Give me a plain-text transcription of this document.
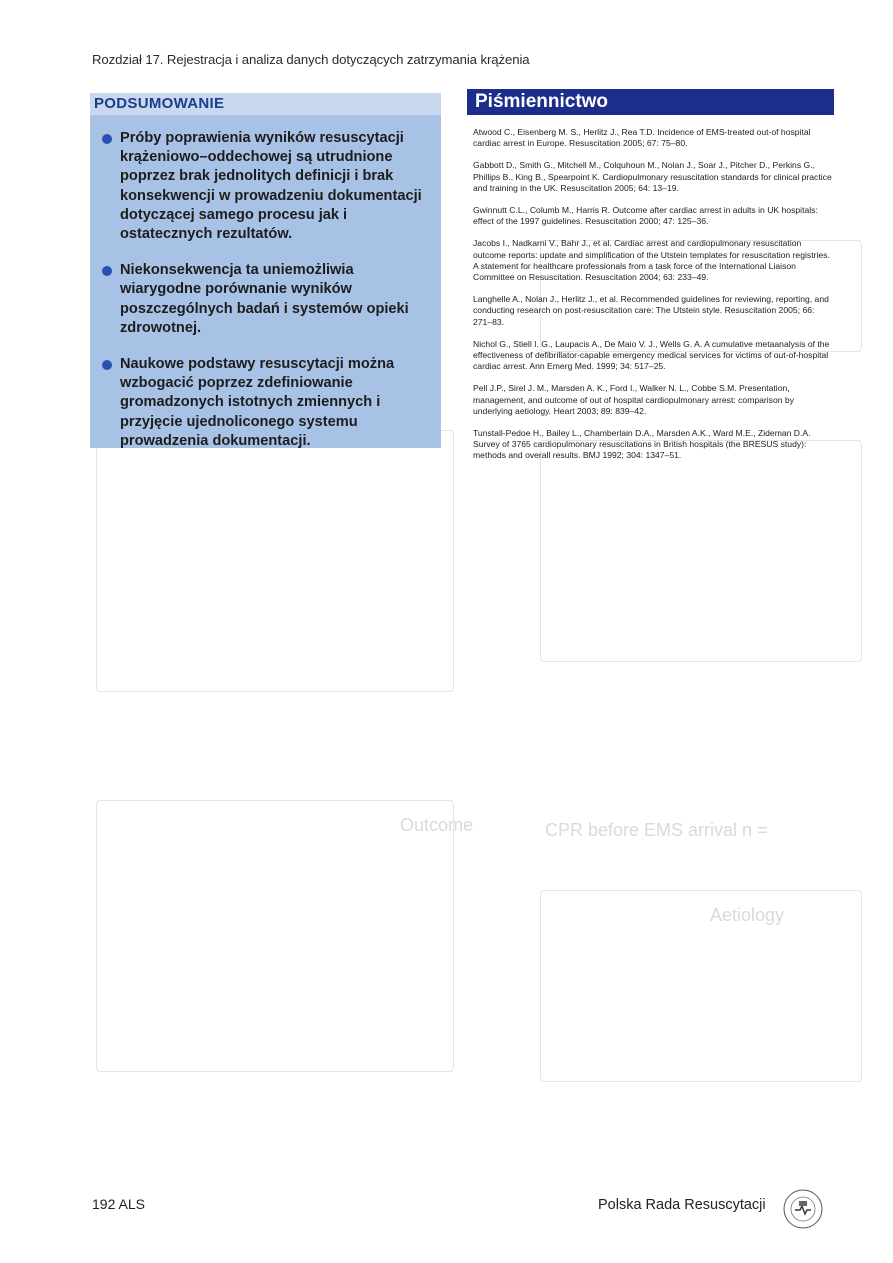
CPR before EMS arrival n =
Aetiology
Outcome
Rozdział 17. Rejestracja i analiza danych dotyczących zatrzymania krążenia
PODSUMOWANIE
Próby poprawienia wyników resuscytacji krążeniowo–oddechowej są utrudnione poprzez brak jednolitych definicji i brak konsekwencji w prowadzeniu dokumentacji dotyczącej samego procesu jak i ostatecznych rezultatów.
Niekonsekwencja ta uniemożliwia wiarygodne porównanie wyników poszczególnych badań i systemów opieki zdrowotnej.
Naukowe podstawy resuscytacji można wzbogacić poprzez zdefiniowanie gromadzonych istotnych zmiennych i przyjęcie ujednoliconego systemu prowadzenia dokumentacji.
Piśmiennictwo
Atwood C., Eisenberg M. S., Herlitz J., Rea T.D. Incidence of EMS-treated out-of hospital cardiac arrest in Europe. Resuscitation 2005; 67: 75–80.
Gabbott D., Smith G., Mitchell M., Colquhoun M., Nolan J., Soar J., Pitcher D., Perkins G., Phillips B., King B., Spearpoint K. Cardiopulmonary resuscitation standards for clinical practice and training in the UK. Resuscitation 2005; 64: 13–19.
Gwinnutt C.L., Columb M., Harris R. Outcome after cardiac arrest in adults in UK hospitals: effect of the 1997 guidelines. Resuscitation 2000; 47: 125–36.
Jacobs I., Nadkarni V., Bahr J., et al. Cardiac arrest and cardiopulmonary resuscitation outcome reports: update and simplification of the Utstein templates for resuscitation registries. A statement for healthcare professionals from a task force of the International Liaison Committee on Resuscitation. Resuscitation 2004; 63: 233–49.
Langhelle A., Nolan J., Herlitz J., et al. Recommended guidelines for reviewing, reporting, and conducting research on post-resuscitation care: The Utstein style. Resuscitation 2005; 66: 271–83.
Nichol G., Stiell I. G., Laupacis A., De Maio V. J., Wells G. A. A cumulative metaanalysis of the effectiveness of defibrillator-capable emergency medical services for victims of out-of-hospital cardiac arrest. Ann Emerg Med. 1999; 34: 517–25.
Pell J.P., Sirel J. M., Marsden A. K., Ford I., Walker N. L., Cobbe S.M. Presentation, management, and outcome of out of hospital cardiopulmonary arrest: comparison by underlying aetiology. Heart 2003; 89: 839–42.
Tunstall-Pedoe H., Bailey L., Chamberlain D.A., Marsden A.K., Ward M.E., Zideman D.A. Survey of 3765 cardiopulmonary resuscitations in British hospitals (the BRESUS study): methods and overall results. BMJ 1992; 304: 1347–51.
192 ALS	Polska Rada Resuscytacji
